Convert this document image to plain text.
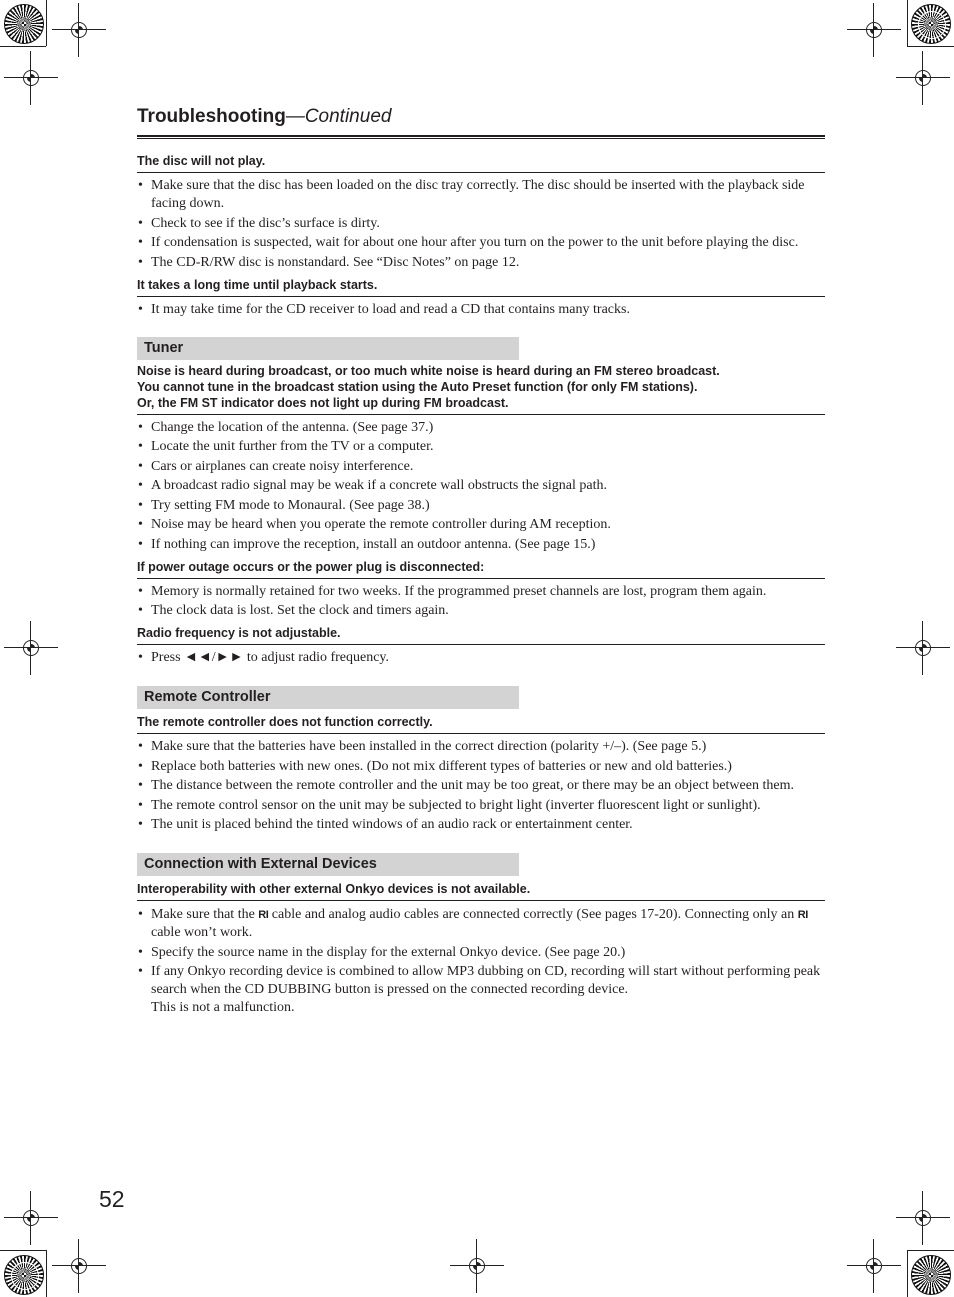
Troubleshooting—Continued
The disc will not play.
• Make sure that the disc has been loaded on the disc tray correctly. The disc should be inserted with the playback side facing down.
• Check to see if the disc’s surface is dirty.
• If condensation is suspected, wait for about one hour after you turn on the power to the unit before playing the disc.
• The CD-R/RW disc is nonstandard. See “Disc Notes” on page 12.
It takes a long time until playback starts.
• It may take time for the CD receiver to load and read a CD that contains many tracks.
Tuner
Noise is heard during broadcast, or too much white noise is heard during an FM stereo broadcast.
You cannot tune in the broadcast station using the Auto Preset function (for only FM stations).
Or, the FM ST indicator does not light up during FM broadcast.
• Change the location of the antenna. (See page 37.)
• Locate the unit further from the TV or a computer.
• Cars or airplanes can create noisy interference.
• A broadcast radio signal may be weak if a concrete wall obstructs the signal path.
• Try setting FM mode to Monaural. (See page 38.)
• Noise may be heard when you operate the remote controller during AM reception.
• If nothing can improve the reception, install an outdoor antenna. (See page 15.)
If power outage occurs or the power plug is disconnected:
• Memory is normally retained for two weeks. If the programmed preset channels are lost, program them again.
• The clock data is lost. Set the clock and timers again.
Radio frequency is not adjustable.
• Press ◄◄/►► to adjust radio frequency.
Remote Controller
The remote controller does not function correctly.
• Make sure that the batteries have been installed in the correct direction (polarity +/–). (See page 5.)
• Replace both batteries with new ones. (Do not mix different types of batteries or new and old batteries.)
• The distance between the remote controller and the unit may be too great, or there may be an object between them.
• The remote control sensor on the unit may be subjected to bright light (inverter fluorescent light or sunlight).
• The unit is placed behind the tinted windows of an audio rack or entertainment center.
Connection with External Devices
Interoperability with other external Onkyo devices is not available.
• Make sure that the RI cable and analog audio cables are connected correctly (See pages 17-20). Connecting only an RI cable won’t work.
• Specify the source name in the display for the external Onkyo device. (See page 20.)
• If any Onkyo recording device is combined to allow MP3 dubbing on CD, recording will start without performing peak search when the CD DUBBING button is pressed on the connected recording device.
This is not a malfunction.
52
